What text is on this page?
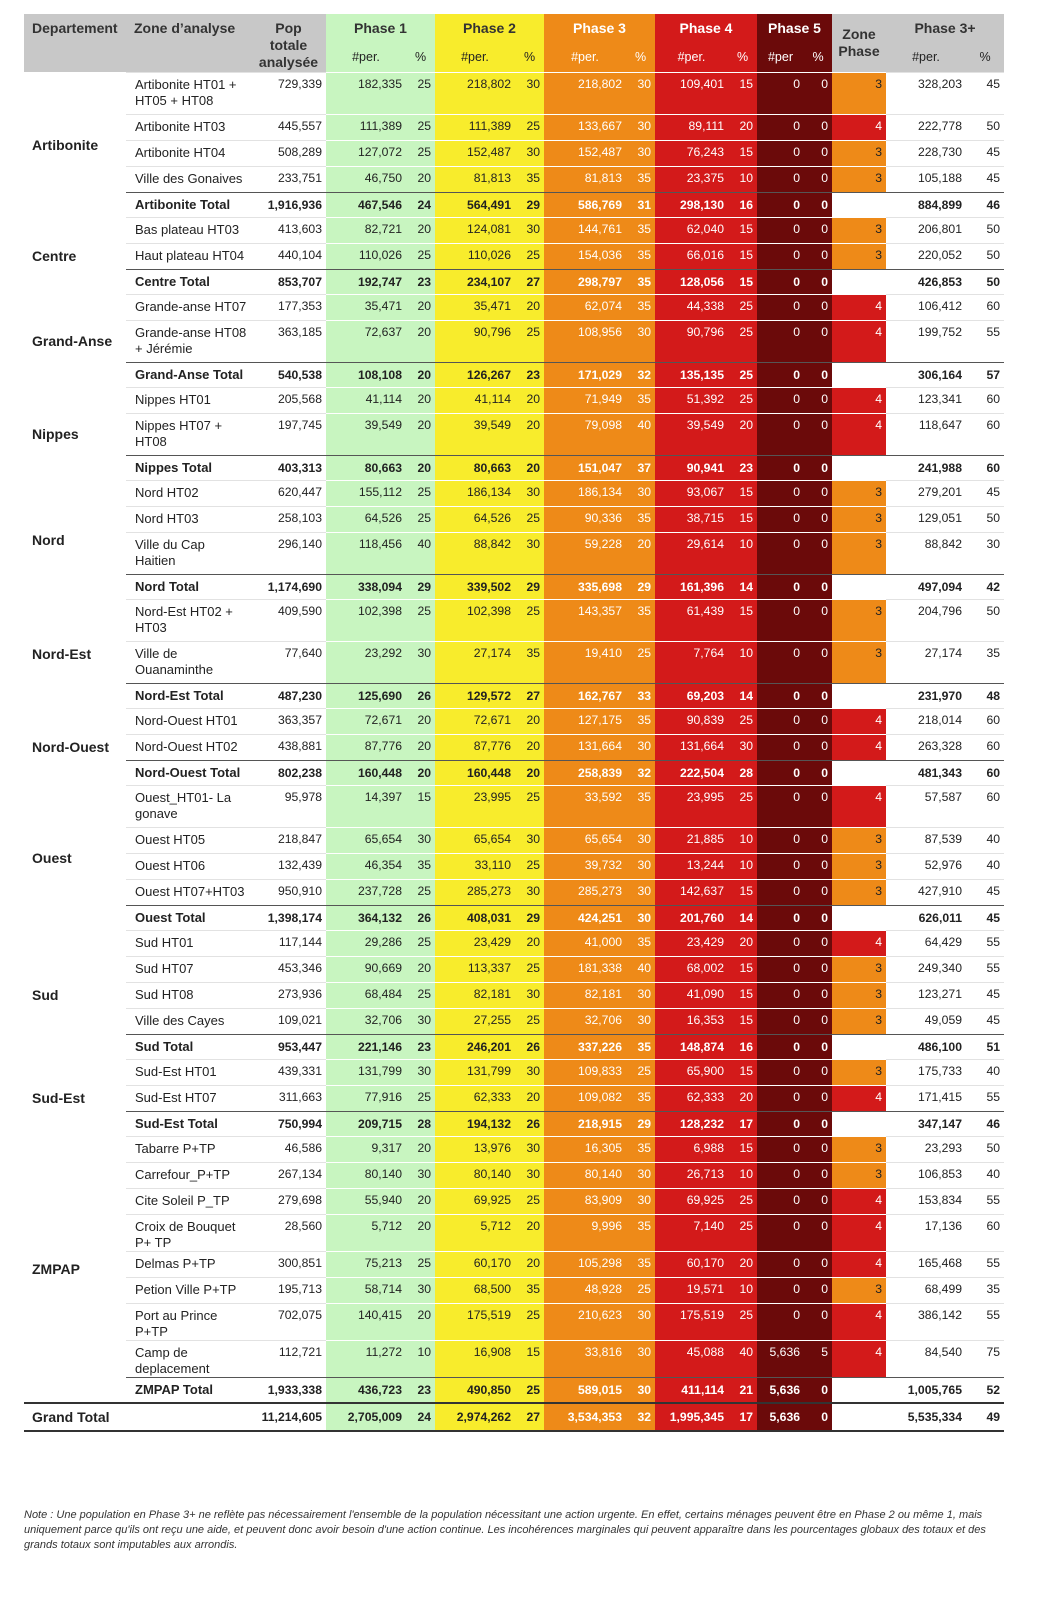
Departement	Zone d’analyse	Pop totale analysée	Phase 1		Phase 2		Phase 3		Phase 4		Phase 5		Zone Phase	Phase 3+	
			#per.	%	#per.	%	#per.	%	#per.	%	#per	%		#per.	%
Artibonite	Artibonite HT01 + HT05 + HT08	729,339	182,335	25	218,802	30	218,802	30	109,401	15	0	0	3	328,203	45
	Artibonite HT03	445,557	111,389	25	111,389	25	133,667	30	89,111	20	0	0	4	222,778	50
	Artibonite HT04	508,289	127,072	25	152,487	30	152,487	30	76,243	15	0	0	3	228,730	45
	Ville des Gonaives	233,751	46,750	20	81,813	35	81,813	35	23,375	10	0	0	3	105,188	45
	Artibonite Total	1,916,936	467,546	24	564,491	29	586,769	31	298,130	16	0	0		884,899	46
Centre	Bas plateau HT03	413,603	82,721	20	124,081	30	144,761	35	62,040	15	0	0	3	206,801	50
	Haut plateau HT04	440,104	110,026	25	110,026	25	154,036	35	66,016	15	0	0	3	220,052	50
	Centre Total	853,707	192,747	23	234,107	27	298,797	35	128,056	15	0	0		426,853	50
Grand-Anse	Grande-anse HT07	177,353	35,471	20	35,471	20	62,074	35	44,338	25	0	0	4	106,412	60
	Grande-anse HT08 + Jérémie	363,185	72,637	20	90,796	25	108,956	30	90,796	25	0	0	4	199,752	55
	Grand-Anse Total	540,538	108,108	20	126,267	23	171,029	32	135,135	25	0	0		306,164	57
Nippes	Nippes HT01	205,568	41,114	20	41,114	20	71,949	35	51,392	25	0	0	4	123,341	60
	Nippes HT07 + HT08	197,745	39,549	20	39,549	20	79,098	40	39,549	20	0	0	4	118,647	60
	Nippes Total	403,313	80,663	20	80,663	20	151,047	37	90,941	23	0	0		241,988	60
Nord	Nord HT02	620,447	155,112	25	186,134	30	186,134	30	93,067	15	0	0	3	279,201	45
	Nord HT03	258,103	64,526	25	64,526	25	90,336	35	38,715	15	0	0	3	129,051	50
	Ville du Cap Haitien	296,140	118,456	40	88,842	30	59,228	20	29,614	10	0	0	3	88,842	30
	Nord Total	1,174,690	338,094	29	339,502	29	335,698	29	161,396	14	0	0		497,094	42
Nord-Est	Nord-Est HT02 + HT03	409,590	102,398	25	102,398	25	143,357	35	61,439	15	0	0	3	204,796	50
	Ville de Ouanaminthe	77,640	23,292	30	27,174	35	19,410	25	7,764	10	0	0	3	27,174	35
	Nord-Est Total	487,230	125,690	26	129,572	27	162,767	33	69,203	14	0	0		231,970	48
Nord-Ouest	Nord-Ouest HT01	363,357	72,671	20	72,671	20	127,175	35	90,839	25	0	0	4	218,014	60
	Nord-Ouest HT02	438,881	87,776	20	87,776	20	131,664	30	131,664	30	0	0	4	263,328	60
	Nord-Ouest Total	802,238	160,448	20	160,448	20	258,839	32	222,504	28	0	0		481,343	60
Ouest	Ouest_HT01- La gonave	95,978	14,397	15	23,995	25	33,592	35	23,995	25	0	0	4	57,587	60
	Ouest HT05	218,847	65,654	30	65,654	30	65,654	30	21,885	10	0	0	3	87,539	40
	Ouest HT06	132,439	46,354	35	33,110	25	39,732	30	13,244	10	0	0	3	52,976	40
	Ouest HT07+HT03	950,910	237,728	25	285,273	30	285,273	30	142,637	15	0	0	3	427,910	45
	Ouest Total	1,398,174	364,132	26	408,031	29	424,251	30	201,760	14	0	0		626,011	45
Sud	Sud HT01	117,144	29,286	25	23,429	20	41,000	35	23,429	20	0	0	4	64,429	55
	Sud HT07	453,346	90,669	20	113,337	25	181,338	40	68,002	15	0	0	3	249,340	55
	Sud HT08	273,936	68,484	25	82,181	30	82,181	30	41,090	15	0	0	3	123,271	45
	Ville des Cayes	109,021	32,706	30	27,255	25	32,706	30	16,353	15	0	0	3	49,059	45
	Sud Total	953,447	221,146	23	246,201	26	337,226	35	148,874	16	0	0		486,100	51
Sud-Est	Sud-Est HT01	439,331	131,799	30	131,799	30	109,833	25	65,900	15	0	0	3	175,733	40
	Sud-Est HT07	311,663	77,916	25	62,333	20	109,082	35	62,333	20	0	0	4	171,415	55
	Sud-Est Total	750,994	209,715	28	194,132	26	218,915	29	128,232	17	0	0		347,147	46
ZMPAP	Tabarre P+TP	46,586	9,317	20	13,976	30	16,305	35	6,988	15	0	0	3	23,293	50
	Carrefour_P+TP	267,134	80,140	30	80,140	30	80,140	30	26,713	10	0	0	3	106,853	40
	Cite Soleil P_TP	279,698	55,940	20	69,925	25	83,909	30	69,925	25	0	0	4	153,834	55
	Croix de Bouquet P+ TP	28,560	5,712	20	5,712	20	9,996	35	7,140	25	0	0	4	17,136	60
	Delmas P+TP	300,851	75,213	25	60,170	20	105,298	35	60,170	20	0	0	4	165,468	55
	Petion Ville P+TP	195,713	58,714	30	68,500	35	48,928	25	19,571	10	0	0	3	68,499	35
	Port au Prince P+TP	702,075	140,415	20	175,519	25	210,623	30	175,519	25	0	0	4	386,142	55
	Camp de deplacement	112,721	11,272	10	16,908	15	33,816	30	45,088	40	5,636	5	4	84,540	75
	ZMPAP Total	1,933,338	436,723	23	490,850	25	589,015	30	411,114	21	5,636	0		1,005,765	52
Grand Total		11,214,605	2,705,009	24	2,974,262	27	3,534,353	32	1,995,345	17	5,636	0		5,535,334	49
Note : Une population en Phase 3+ ne reflète pas nécessairement l'ensemble de la population nécessitant une action urgente. En effet, certains ménages peuvent être en Phase 2 ou même 1, mais uniquement parce qu'ils ont reçu une aide, et peuvent donc avoir besoin d'une action continue. Les incohérences marginales qui peuvent apparaître dans les pourcentages globaux des totaux et des grands totaux sont imputables aux arrondis.
